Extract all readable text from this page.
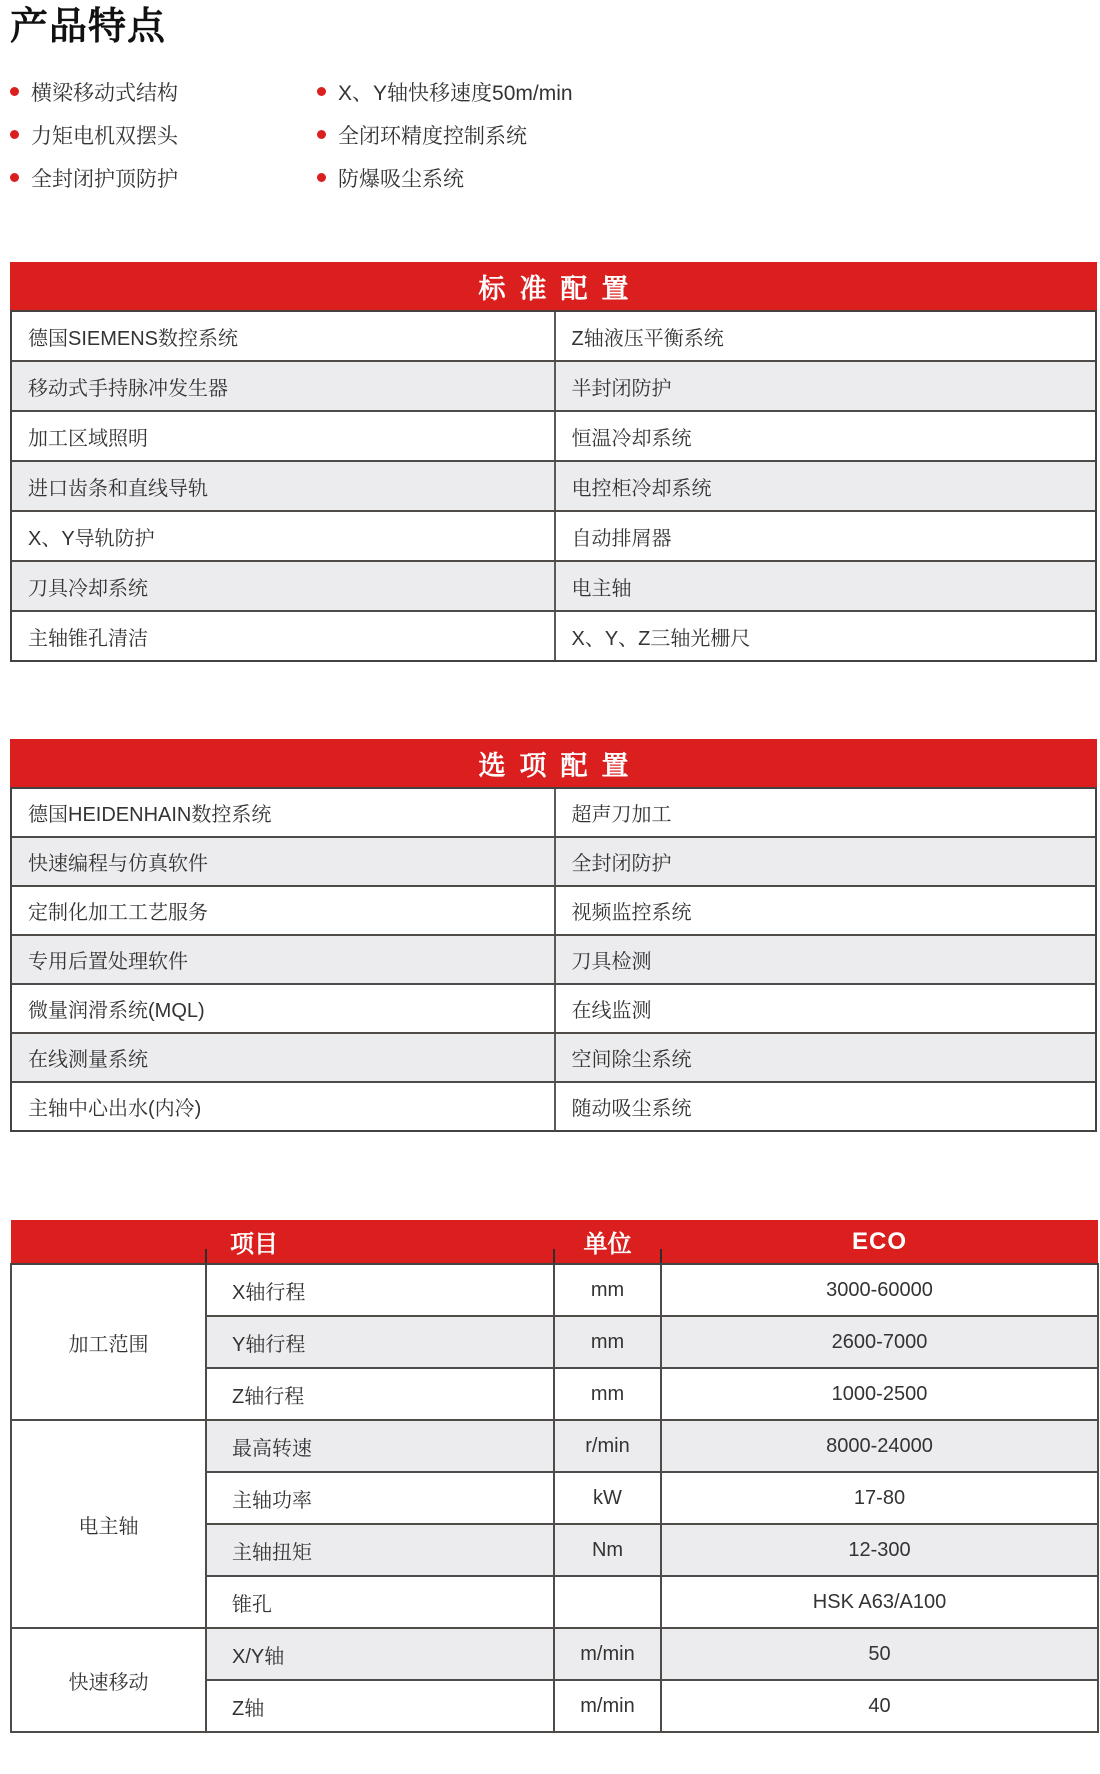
产品特点
横梁移动式结构
力矩电机双摆头
全封闭护顶防护
X、Y轴快移速度50m/min
全闭环精度控制系统
防爆吸尘系统
标准配置
德国SIEMENS数控系统	Z轴液压平衡系统
移动式手持脉冲发生器	半封闭防护
加工区域照明	恒温冷却系统
进口齿条和直线导轨	电控柜冷却系统
X、Y导轨防护	自动排屑器
刀具冷却系统	电主轴
主轴锥孔清洁	X、Y、Z三轴光栅尺
选项配置
德国HEIDENHAIN数控系统	超声刀加工
快速编程与仿真软件	全封闭防护
定制化加工工艺服务	视频监控系统
专用后置处理软件	刀具检测
微量润滑系统(MQL)	在线监测
在线测量系统	空间除尘系统
主轴中心出水(内冷)	随动吸尘系统
	项目	单位	ECO
加工范围	X轴行程	mm	3000-60000
	Y轴行程	mm	2600-7000
	Z轴行程	mm	1000-2500
电主轴	最高转速	r/min	8000-24000
	主轴功率	kW	17-80
	主轴扭矩	Nm	12-300
	锥孔		HSK A63/A100
快速移动	X/Y轴	m/min	50
	Z轴	m/min	40
